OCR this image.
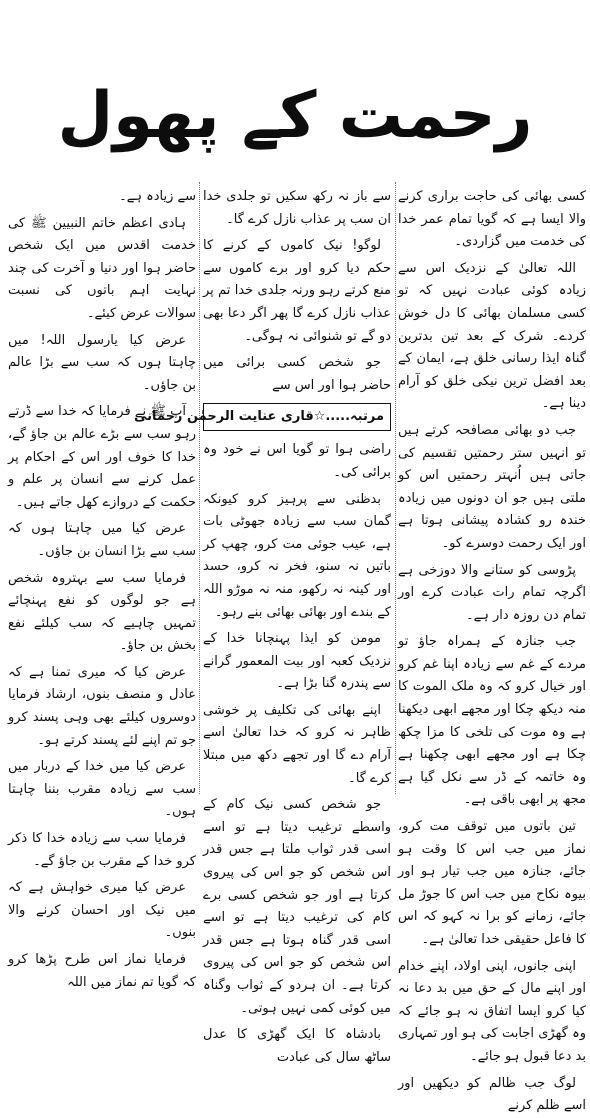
رحمت کے پھول

کسی بھائی کی حاجت براری کرنے والا ایسا ہے کہ گویا تمام عمر خدا کی خدمت میں گزاردی۔

اللہ تعالیٰ کے نزدیک اس سے زیادہ کوئی عبادت نہیں کہ تو کسی مسلمان بھائی کا دل خوش کردے۔ شرک کے بعد تین بدترین گناہ ایذا رسانی خلق ہے، ایمان کے بعد افضل ترین نیکی خلق کو آرام دینا ہے۔

جب دو بھائی مصافحہ کرتے ہیں تو انہیں ستر رحمتیں تقسیم کی جاتی ہیں اُنہتر رحمتیں اس کو ملتی ہیں جو ان دونوں میں زیادہ خندہ رو کشادہ پیشانی ہوتا ہے اور ایک رحمت دوسرے کو۔

پڑوسی کو ستانے والا دوزخی ہے اگرچہ تمام رات عبادت کرے اور تمام دن روزہ دار ہے۔

جب جنازہ کے ہمراہ جاؤ تو مردے کے غم سے زیادہ اپنا غم کرو اور خیال کرو کہ وہ ملک الموت کا منہ دیکھ چکا اور مجھے ابھی دیکھنا ہے وہ موت کی تلخی کا مزا چکھ چکا ہے اور مجھے ابھی چکھنا ہے وہ خاتمہ کے ڈر سے نکل گیا ہے مجھ پر ابھی باقی ہے۔

تین باتوں میں توقف مت کرو، نماز میں جب اس کا وقت ہو جائے، جنازہ میں جب تیار ہو اور بیوہ نکاح میں جب اس کا جوڑ مل جائے، زمانے کو برا نہ کہو کہ اس کا فاعل حقیقی خدا تعالیٰ ہے۔

اپنی جانوں، اپنی اولاد، اپنے خدام اور اپنے مال کے حق میں بد دعا نہ کیا کرو ایسا اتفاق نہ ہو جائے کہ وہ گھڑی اجابت کی ہو اور تمہاری بد دعا قبول ہو جائے۔

لوگ جب ظالم کو دیکھیں اور اسے ظلم کرنے

سے باز نہ رکھ سکیں تو جلدی خدا ان سب پر عذاب نازل کرے گا۔

لوگو! نیک کاموں کے کرنے کا حکم دیا کرو اور برے کاموں سے منع کرتے رہو ورنہ جلدی خدا تم پر عذاب نازل کرے گا پھر اگر دعا بھی دو گے تو شنوائی نہ ہوگی۔

جو شخص کسی برائی میں حاضر ہوا اور اس سے

مرتبہ.....☆قاری عنایت الرحمٰن رحمانی

راضی ہوا تو گویا اس نے خود وہ برائی کی۔

بدظنی سے پرہیز کرو کیونکہ گمان سب سے زیادہ جھوٹی بات ہے، عیب جوئی مت کرو، چھپ کر باتیں نہ سنو، فخر نہ کرو، حسد اور کینہ نہ رکھو، منہ نہ موڑو اللہ کے بندے اور بھائی بھائی بنے رہو۔

مومن کو ایذا پہنچانا خدا کے نزدیک کعبہ اور بیت المعمور گرانے سے پندرہ گنا بڑا ہے۔

اپنے بھائی کی تکلیف پر خوشی ظاہر نہ کرو کہ خدا تعالیٰ اسے آرام دے گا اور تجھے دکھ میں مبتلا کرے گا۔

جو شخص کسی نیک کام کے واسطے ترغیب دیتا ہے تو اسے اسی قدر ثواب ملتا ہے جس قدر اس شخص کو جو اس کی پیروی کرتا ہے اور جو شخص کسی برے کام کی ترغیب دیتا ہے تو اسے اسی قدر گناہ ہوتا ہے جس قدر اس شخص کو جو اس کی پیروی کرتا ہے۔ ان ہردو کے ثواب وگناہ میں کوئی کمی نہیں ہوتی۔

بادشاہ کا ایک گھڑی کا عدل ساٹھ سال کی عبادت

سے زیادہ ہے۔

ہادی اعظم خاتم النبیین ﷺ کی خدمت اقدس میں ایک شخص حاضر ہوا اور دنیا و آخرت کی چند نہایت اہم باتوں کی نسبت سوالات عرض کیئے۔

عرض کیا یارسول اللہ! میں چاہتا ہوں کہ سب سے بڑا عالم بن جاؤں۔

آپ ﷺ نے فرمایا کہ خدا سے ڈرتے رہو سب سے بڑے عالم بن جاؤ گے، خدا کا خوف اور اس کے احکام پر عمل کرنے سے انسان پر علم و حکمت کے دروازے کھل جاتے ہیں۔

عرض کیا میں چاہتا ہوں کہ سب سے بڑا انسان بن جاؤں۔

فرمایا سب سے بہتروہ شخص ہے جو لوگوں کو نفع پہنچائے تمہیں چاہیے کہ سب کیلئے نفع بخش بن جاؤ۔

عرض کیا کہ میری تمنا ہے کہ عادل و منصف بنوں، ارشاد فرمایا دوسروں کیلئے بھی وہی پسند کرو جو تم اپنے لئے پسند کرتے ہو۔

عرض کیا میں خدا کے دربار میں سب سے زیادہ مقرب بننا چاہتا ہوں۔

فرمایا سب سے زیادہ خدا کا ذکر کرو خدا کے مقرب بن جاؤ گے۔

عرض کیا میری خواہش ہے کہ میں نیک اور احسان کرنے والا بنوں۔

فرمایا نماز اس طرح پڑھا کرو کہ گویا تم نماز میں اللہ
